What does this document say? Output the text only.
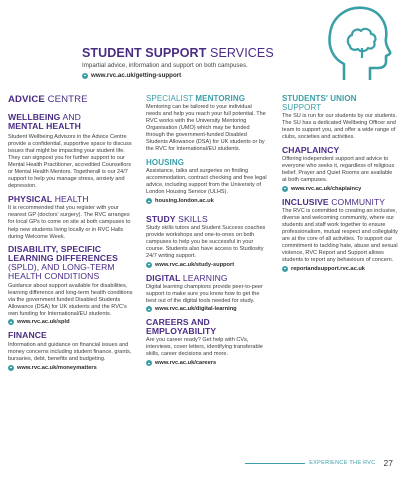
STUDENT SUPPORT SERVICES
Impartial advice, information and support on both campuses.
www.rvc.ac.uk/getting-support
ADVICE CENTRE
WELLBEING AND
MENTAL HEALTH

Student Wellbeing Advisors in the Advice Centre provide a confidential, supportive space to discuss issues that might be impacting your student life. They can signpost you for further support to our Mental Health Practitioner, accredited Counsellors or Mental Health Mentors. Togetherall is our 24/7 support to help you manage stress, anxiety and depression.

PHYSICAL HEALTH

It is recommended that you register with your nearest GP (doctors' surgery). The RVC arranges for local GPs to come on site at both campuses to help new students living locally or in RVC Halls during Welcome Week.

DISABILITY, SPECIFIC
LEARNING DIFFERENCES
(SPLD), AND LONG-TERM
HEALTH CONDITIONS

Guidance about support available for disabilities, learning difference and long-term health conditions via the government funded Disabled Students Allowance (DSA) for UK students and the RVC's own funding for International/EU students.

www.rvc.ac.uk/spld
FINANCE

Information and guidance on financial issues and money concerns including student finance, grants, bursaries, debt, benefits and budgeting.

www.rvc.ac.uk/moneymatters
SPECIALIST MENTORING

Mentoring can be tailored to your individual needs and help you reach your full potential. The RVC works with the University Mentoring Organisation (UMO) which may be funded through the government-funded Disabled Students Allowance (DSA) for UK students or by the RVC for International/EU students.

HOUSING

Assistance, talks and surgeries on finding accommodation, contract checking and free legal advice, including support from the University of London Housing Service (ULHS).

housing.london.ac.uk
STUDY SKILLS

Study skills tutors and Student Success coaches provide workshops and one-to-ones on both campuses to help you be successful in your course. Students also have access to Studiosity 24/7 writing support.

www.rvc.ac.uk/study-support
DIGITAL LEARNING

Digital learning champions provide peer-to-peer support to make sure you know how to get the best out of the digital tools needed for study.

www.rvc.ac.uk/digital-learning
CAREERS AND
EMPLOYABILITY

Are you career ready? Get help with CVs, interviews, cover letters, identifying transferable skills, career decisions and more.

www.rvc.ac.uk/careers
STUDENTS' UNION
SUPPORT

The SU is run for our students by our students. The SU has a dedicated Wellbeing Officer and team to support you, and offer a wide range of clubs, societies and activities.

CHAPLAINCY

Offering independent support and advice to everyone who seeks it, regardless of religious belief. Prayer and Quiet Rooms are available at both campuses.

www.rvc.ac.uk/chaplaincy
INCLUSIVE COMMUNITY

The RVC is committed to creating an inclusive, diverse and welcoming community, where our students and staff work together to ensure professionalism, mutual respect and collegiality are at the core of all activities. To support our commitment to tackling hate, abuse and sexual violence, RVC Report and Support allows students to report any behaviours of concern.

reportandsupport.rvc.ac.uk
EXPERIENCE THE RVC 27
